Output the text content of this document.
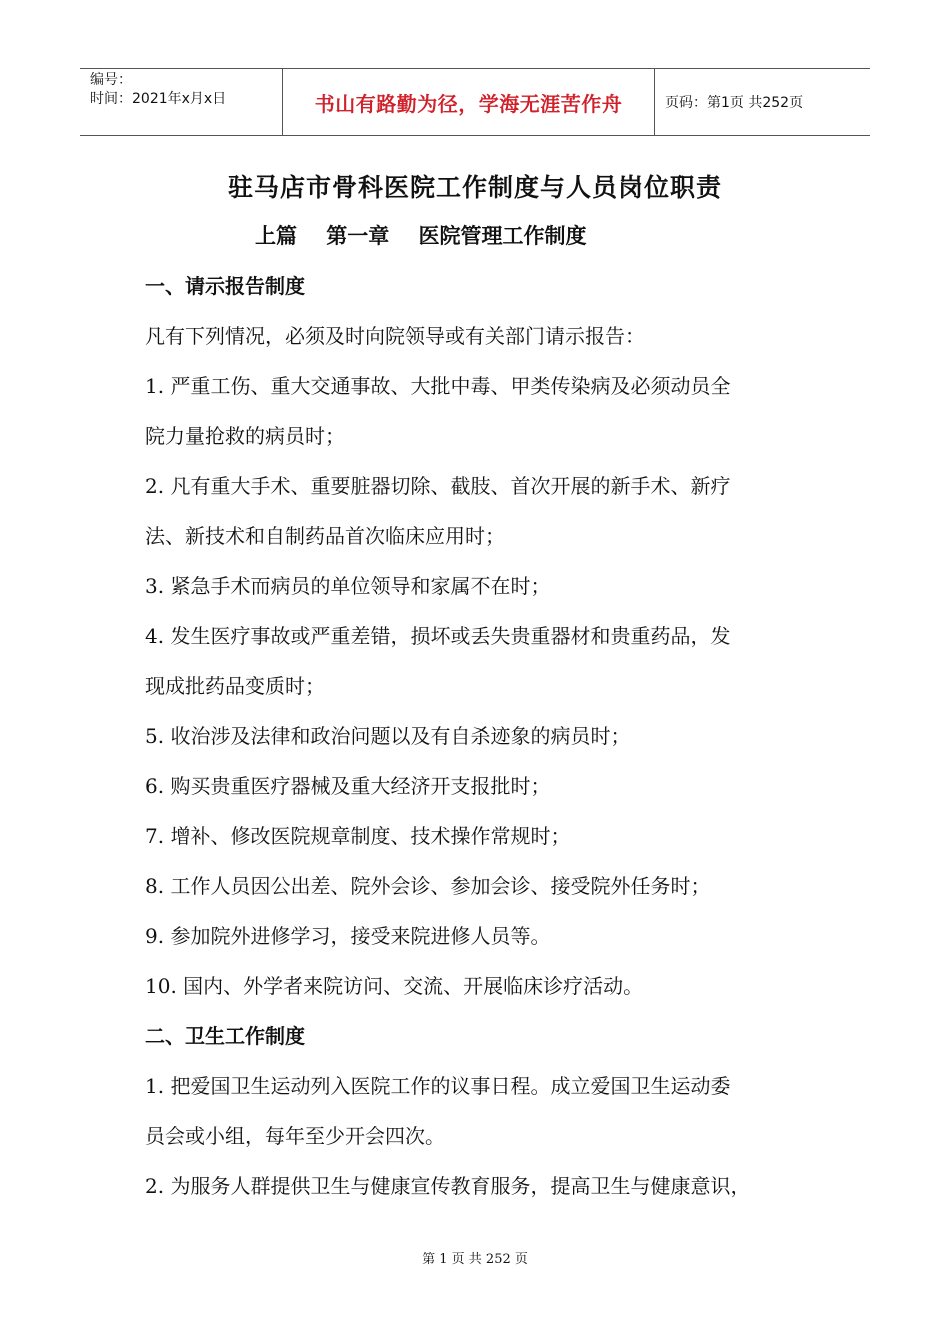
编号：
时间：2021年x月x日	书山有路勤为径，学海无涯苦作舟	页码：第1页 共252页
驻马店市骨科医院工作制度与人员岗位职责
上篇    第一章    医院管理工作制度
一、请示报告制度
凡有下列情况，必须及时向院领导或有关部门请示报告：
1. 严重工伤、重大交通事故、大批中毒、甲类传染病及必须动员全
院力量抢救的病员时；
2. 凡有重大手术、重要脏器切除、截肢、首次开展的新手术、新疗
法、新技术和自制药品首次临床应用时；
3. 紧急手术而病员的单位领导和家属不在时；
4. 发生医疗事故或严重差错，损坏或丢失贵重器材和贵重药品，发
现成批药品变质时；
5. 收治涉及法律和政治问题以及有自杀迹象的病员时；
6. 购买贵重医疗器械及重大经济开支报批时；
7. 增补、修改医院规章制度、技术操作常规时；
8. 工作人员因公出差、院外会诊、参加会诊、接受院外任务时；
9. 参加院外进修学习，接受来院进修人员等。
10. 国内、外学者来院访问、交流、开展临床诊疗活动。
二、卫生工作制度
1. 把爱国卫生运动列入医院工作的议事日程。成立爱国卫生运动委
员会或小组，每年至少开会四次。
2. 为服务人群提供卫生与健康宣传教育服务，提高卫生与健康意识，
第 1 页 共 252 页
